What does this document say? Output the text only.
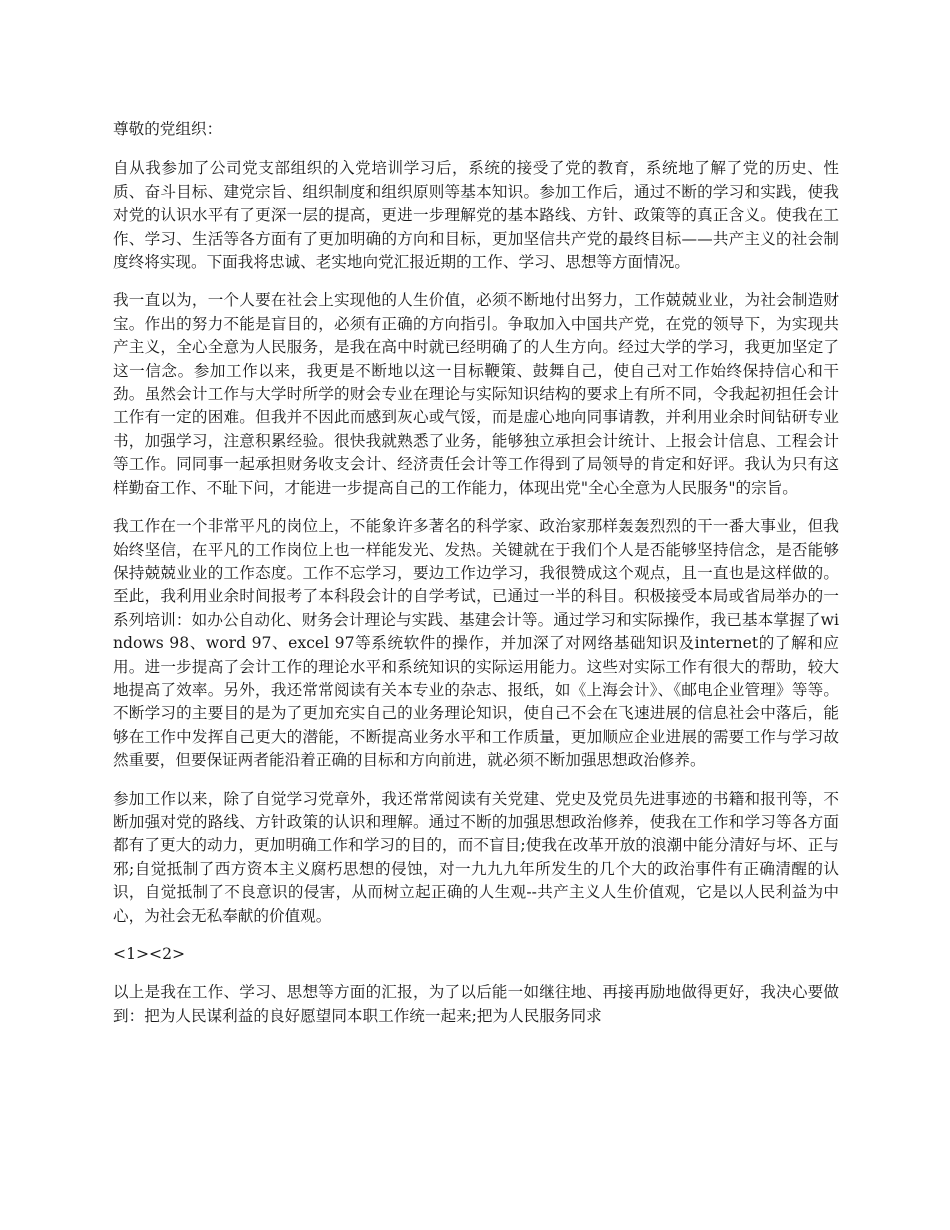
尊敬的党组织：

自从我参加了公司党支部组织的入党培训学习后，系统的接受了党的教育，系统地了解了党的历史、性质、奋斗目标、建党宗旨、组织制度和组织原则等基本知识。参加工作后，通过不断的学习和实践，使我对党的认识水平有了更深一层的提高，更进一步理解党的基本路线、方针、政策等的真正含义。使我在工作、学习、生活等各方面有了更加明确的方向和目标，更加坚信共产党的最终目标——共产主义的社会制度终将实现。下面我将忠诚、老实地向党汇报近期的工作、学习、思想等方面情况。

我一直以为，一个人要在社会上实现他的人生价值，必须不断地付出努力，工作兢兢业业，为社会制造财宝。作出的努力不能是盲目的，必须有正确的方向指引。争取加入中国共产党，在党的领导下，为实现共产主义，全心全意为人民服务，是我在高中时就已经明确了的人生方向。经过大学的学习，我更加坚定了这一信念。参加工作以来，我更是不断地以这一目标鞭策、鼓舞自己，使自己对工作始终保持信心和干劲。虽然会计工作与大学时所学的财会专业在理论与实际知识结构的要求上有所不同，令我起初担任会计工作有一定的困难。但我并不因此而感到灰心或气馁，而是虚心地向同事请教，并利用业余时间钻研专业书，加强学习，注意积累经验。很快我就熟悉了业务，能够独立承担会计统计、上报会计信息、工程会计等工作。同同事一起承担财务收支会计、经济责任会计等工作得到了局领导的肯定和好评。我认为只有这样勤奋工作、不耻下问，才能进一步提高自己的工作能力，体现出党"全心全意为人民服务"的宗旨。

我工作在一个非常平凡的岗位上，不能象许多著名的科学家、政治家那样轰轰烈烈的干一番大事业，但我始终坚信，在平凡的工作岗位上也一样能发光、发热。关键就在于我们个人是否能够坚持信念，是否能够保持兢兢业业的工作态度。工作不忘学习，要边工作边学习，我很赞成这个观点，且一直也是这样做的。至此，我利用业余时间报考了本科段会计的自学考试，已通过一半的科目。积极接受本局或省局举办的一系列培训：如办公自动化、财务会计理论与实践、基建会计等。通过学习和实际操作，我已基本掌握了windows 98、word 97、excel 97等系统软件的操作，并加深了对网络基础知识及internet的了解和应用。进一步提高了会计工作的理论水平和系统知识的实际运用能力。这些对实际工作有很大的帮助，较大地提高了效率。另外，我还常常阅读有关本专业的杂志、报纸，如《上海会计》、《邮电企业管理》等等。不断学习的主要目的是为了更加充实自己的业务理论知识，使自己不会在飞速进展的信息社会中落后，能够在工作中发挥自己更大的潜能，不断提高业务水平和工作质量，更加顺应企业进展的需要工作与学习故然重要，但要保证两者能沿着正确的目标和方向前进，就必须不断加强思想政治修养。

参加工作以来，除了自觉学习党章外，我还常常阅读有关党建、党史及党员先进事迹的书籍和报刊等，不断加强对党的路线、方针政策的认识和理解。通过不断的加强思想政治修养，使我在工作和学习等各方面都有了更大的动力，更加明确工作和学习的目的，而不盲目;使我在改革开放的浪潮中能分清好与坏、正与邪;自觉抵制了西方资本主义腐朽思想的侵蚀，对一九九九年所发生的几个大的政治事件有正确清醒的认识，自觉抵制了不良意识的侵害，从而树立起正确的人生观--共产主义人生价值观，它是以人民利益为中心，为社会无私奉献的价值观。

<1><2>

以上是我在工作、学习、思想等方面的汇报，为了以后能一如继往地、再接再励地做得更好，我决心要做到：把为人民谋利益的良好愿望同本职工作统一起来;把为人民服务同求
